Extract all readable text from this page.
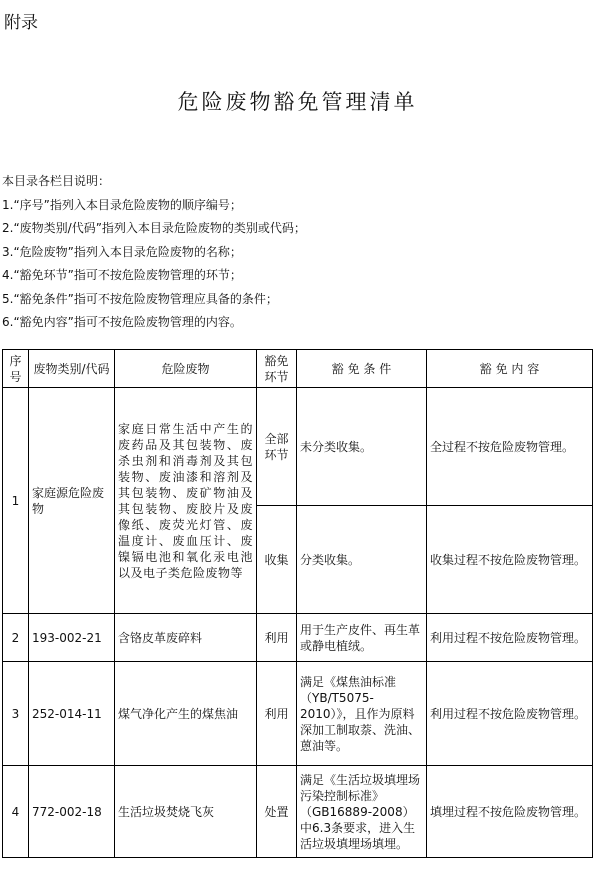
附录
危险废物豁免管理清单
本目录各栏目说明：
1.“序号”指列入本目录危险废物的顺序编号；
2.“废物类别/代码”指列入本目录危险废物的类别或代码；
3.“危险废物”指列入本目录危险废物的名称；
4.“豁免环节”指可不按危险废物管理的环节；
5.“豁免条件”指可不按危险废物管理应具备的条件；
6.“豁免内容”指可不按危险废物管理的内容。
序号	废物类别/代码	危险废物	豁免环节	豁 免 条 件	豁 免 内 容
1	家庭源危险废物	家庭日常生活中产生的废药品及其包装物、废杀虫剂和消毒剂及其包装物、废油漆和溶剂及其包装物、废矿物油及其包装物、废胶片及废像纸、废荧光灯管、废温度计、废血压计、废镍镉电池和氧化汞电池以及电子类危险废物等	全部环节	未分类收集。	全过程不按危险废物管理。
			收集	分类收集。	收集过程不按危险废物管理。
2	193-002-21	含铬皮革废碎料	利用	用于生产皮件、再生革或静电植绒。	利用过程不按危险废物管理。
3	252-014-11	煤气净化产生的煤焦油	利用	满足《煤焦油标准（YB/T5075-2010）》，且作为原料深加工制取萘、洗油、蒽油等。	利用过程不按危险废物管理。
4	772-002-18	生活垃圾焚烧飞灰	处置	满足《生活垃圾填埋场污染控制标准》（GB16889-2008）中6.3条要求，进入生活垃圾填埋场填埋。	填埋过程不按危险废物管理。
